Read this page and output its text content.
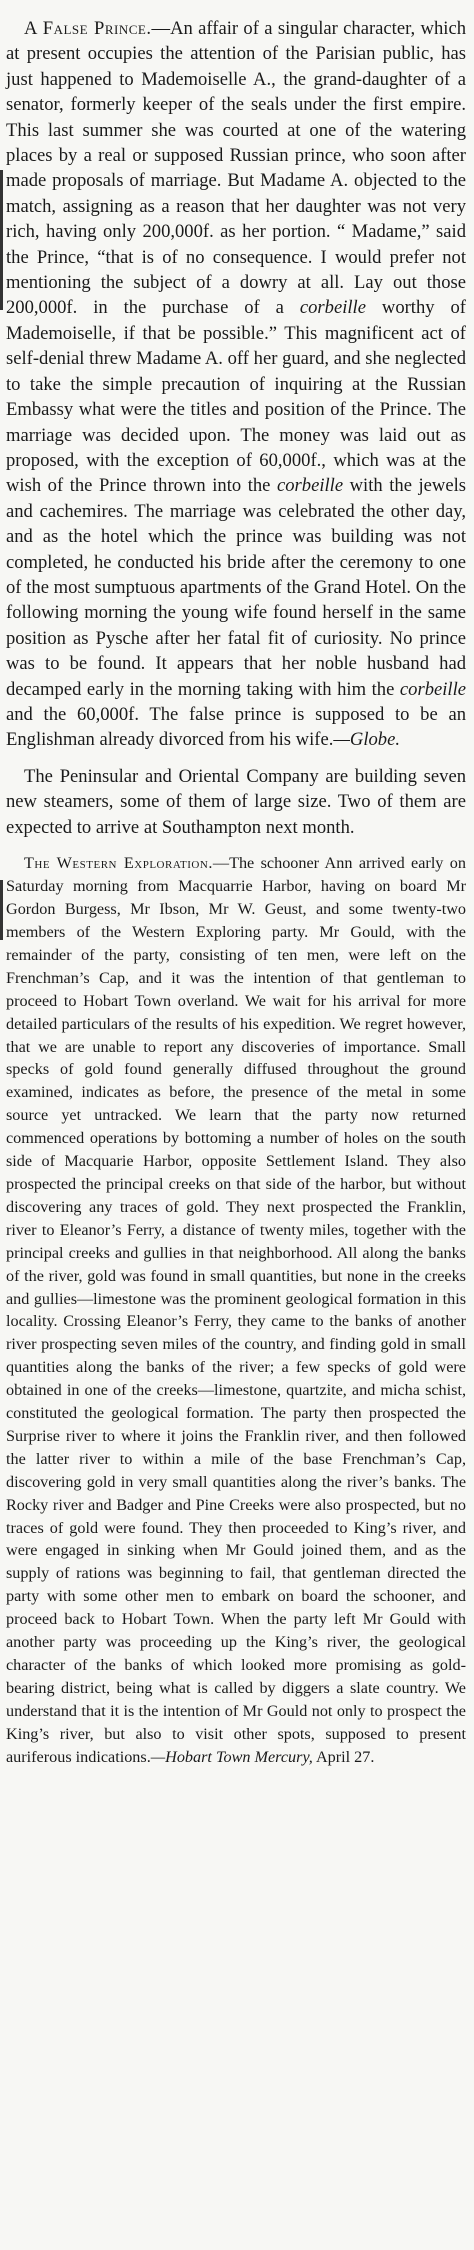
A False Prince.—An affair of a singular character, which at present occupies the attention of the Parisian public, has just happened to Mademoiselle A., the grand-daughter of a senator, formerly keeper of the seals under the first empire. This last summer she was courted at one of the watering places by a real or supposed Russian prince, who soon after made proposals of marriage. But Madame A. objected to the match, assigning as a reason that her daughter was not very rich, having only 200,000f. as her portion. “ Madame,” said the Prince, “that is of no consequence. I would prefer not mentioning the subject of a dowry at all. Lay out those 200,000f. in the purchase of a corbeille worthy of Mademoiselle, if that be possible.” This magnificent act of self-denial threw Madame A. off her guard, and she neglected to take the simple precaution of inquiring at the Russian Embassy what were the titles and position of the Prince. The marriage was decided upon. The money was laid out as proposed, with the exception of 60,000f., which was at the wish of the Prince thrown into the corbeille with the jewels and cachemires. The marriage was celebrated the other day, and as the hotel which the prince was building was not completed, he conducted his bride after the ceremony to one of the most sumptuous apartments of the Grand Hotel. On the following morning the young wife found herself in the same position as Pysche after her fatal fit of curiosity. No prince was to be found. It appears that her noble husband had decamped early in the morning taking with him the corbeille and the 60,000f. The false prince is supposed to be an Englishman already divorced from his wife.—Globe.

The Peninsular and Oriental Company are building seven new steamers, some of them of large size. Two of them are expected to arrive at Southampton next month.

The Western Exploration.—The schooner Ann arrived early on Saturday morning from Macquarrie Harbor, having on board Mr Gordon Burgess, Mr Ibson, Mr W. Geust, and some twenty-two members of the Western Exploring party. Mr Gould, with the remainder of the party, consisting of ten men, were left on the Frenchman’s Cap, and it was the intention of that gentleman to proceed to Hobart Town overland. We wait for his arrival for more detailed particulars of the results of his expedition. We regret however, that we are unable to report any discoveries of importance. Small specks of gold found generally diffused throughout the ground examined, indicates as before, the presence of the metal in some source yet untracked. We learn that the party now returned commenced operations by bottoming a number of holes on the south side of Macquarie Harbor, opposite Settlement Island. They also prospected the principal creeks on that side of the harbor, but without discovering any traces of gold. They next prospected the Franklin, river to Eleanor’s Ferry, a distance of twenty miles, together with the principal creeks and gullies in that neighborhood. All along the banks of the river, gold was found in small quantities, but none in the creeks and gullies—limestone was the prominent geological formation in this locality. Crossing Eleanor’s Ferry, they came to the banks of another river prospecting seven miles of the country, and finding gold in small quantities along the banks of the river; a few specks of gold were obtained in one of the creeks—limestone, quartzite, and micha schist, constituted the geological formation. The party then prospected the Surprise river to where it joins the Franklin river, and then followed the latter river to within a mile of the base Frenchman’s Cap, discovering gold in very small quantities along the river’s banks. The Rocky river and Badger and Pine Creeks were also prospected, but no traces of gold were found. They then proceeded to King’s river, and were engaged in sinking when Mr Gould joined them, and as the supply of rations was beginning to fail, that gentleman directed the party with some other men to embark on board the schooner, and proceed back to Hobart Town. When the party left Mr Gould with another party was proceeding up the King’s river, the geological character of the banks of which looked more promising as gold-bearing district, being what is called by diggers a slate country. We understand that it is the intention of Mr Gould not only to prospect the King’s river, but also to visit other spots, supposed to present auriferous indications.—Hobart Town Mercury, April 27.
